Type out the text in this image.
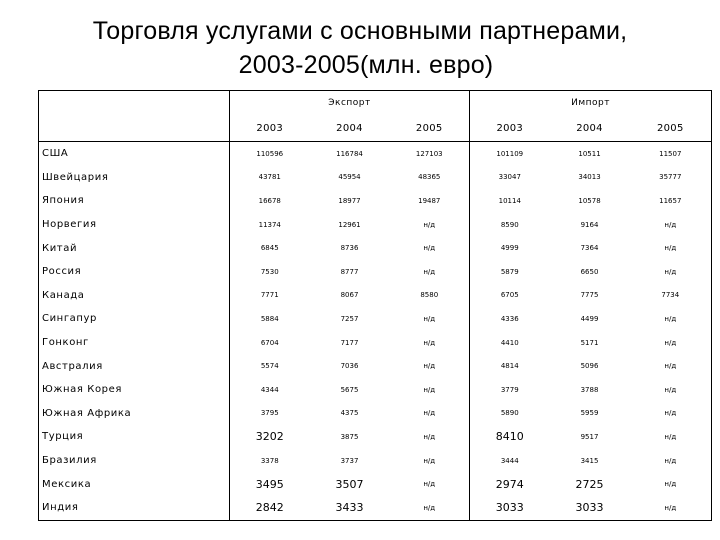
Торговля услугами с основными партнерами,
2003-2005(млн. евро)
	Экспорт			Импорт		
	2003	2004	2005	2003	2004	2005
США	110596	116784	127103	101109	10511	11507
Швейцария	43781	45954	48365	33047	34013	35777
Япония	16678	18977	19487	10114	10578	11657
Норвегия	11374	12961	н/д	8590	9164	н/д
Китай	6845	8736	н/д	4999	7364	н/д
Россия	7530	8777	н/д	5879	6650	н/д
Канада	7771	8067	8580	6705	7775	7734
Сингапур	5884	7257	н/д	4336	4499	н/д
Гонконг	6704	7177	н/д	4410	5171	н/д
Австралия	5574	7036	н/д	4814	5096	н/д
Южная Корея	4344	5675	н/д	3779	3788	н/д
Южная Африка	3795	4375	н/д	5890	5959	н/д
Турция	3202	3875	н/д	8410	9517	н/д
Бразилия	3378	3737	н/д	3444	3415	н/д
Мексика	3495	3507	н/д	2974	2725	н/д
Индия	2842	3433	н/д	3033	3033	н/д
